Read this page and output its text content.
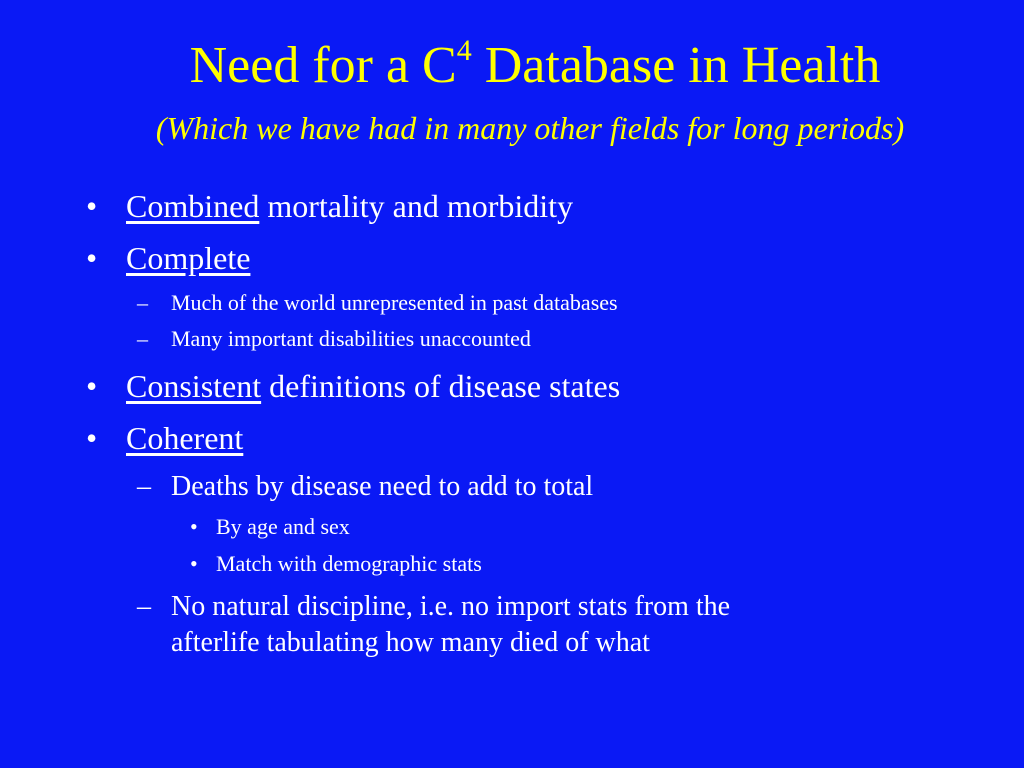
Need for a $C^4$ Database in Health
(Which we have had in many other fields for long periods)
• Combined mortality and morbidity
• Complete
– Much of the world unrepresented in past databases
– Many important disabilities unaccounted
• Consistent definitions of disease states
• Coherent
– Deaths by disease need to add to total
• By age and sex
• Match with demographic stats
– No natural discipline, i.e. no import stats from the
afterlife tabulating how many died of what
